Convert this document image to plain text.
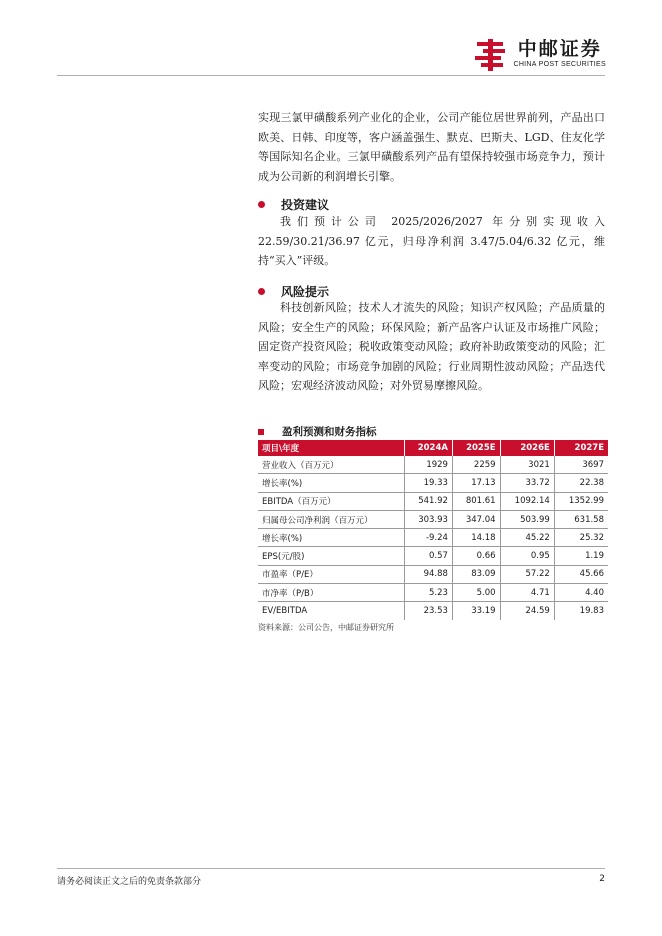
中邮证券
CHINA POST SECURITIES

实现三氯甲磺酸系列产业化的企业，公司产能位居世界前列，产品出口欧美、日韩、印度等，客户涵盖强生、默克、巴斯夫、LGD、住友化学等国际知名企业。三氯甲磺酸系列产品有望保持较强市场竞争力，预计成为公司新的利润增长引擎。

投资建议

我们预计公司 2025/2026/2027 年分别实现收入 22.59/30.21/36.97 亿元，归母净利润 3.47/5.04/6.32 亿元，维持“买入”评级。

风险提示

科技创新风险；技术人才流失的风险；知识产权风险；产品质量的风险；安全生产的风险；环保风险；新产品客户认证及市场推广风险；固定资产投资风险；税收政策变动风险；政府补助政策变动的风险；汇率变动的风险；市场竞争加剧的风险；行业周期性波动风险；产品迭代风险；宏观经济波动风险；对外贸易摩擦风险。

盈利预测和财务指标
项目\年度	2024A	2025E	2026E	2027E
营业收入（百万元）	1929	2259	3021	3697
增长率(%)	19.33	17.13	33.72	22.38
EBITDA（百万元）	541.92	801.61	1092.14	1352.99
归属母公司净利润（百万元）	303.93	347.04	503.99	631.58
增长率(%)	-9.24	14.18	45.22	25.32
EPS(元/股)	0.57	0.66	0.95	1.19
市盈率（P/E）	94.88	83.09	57.22	45.66
市净率（P/B）	5.23	5.00	4.71	4.40
EV/EBITDA	23.53	33.19	24.59	19.83
资料来源：公司公告，中邮证券研究所
请务必阅读正文之后的免责条款部分	2
